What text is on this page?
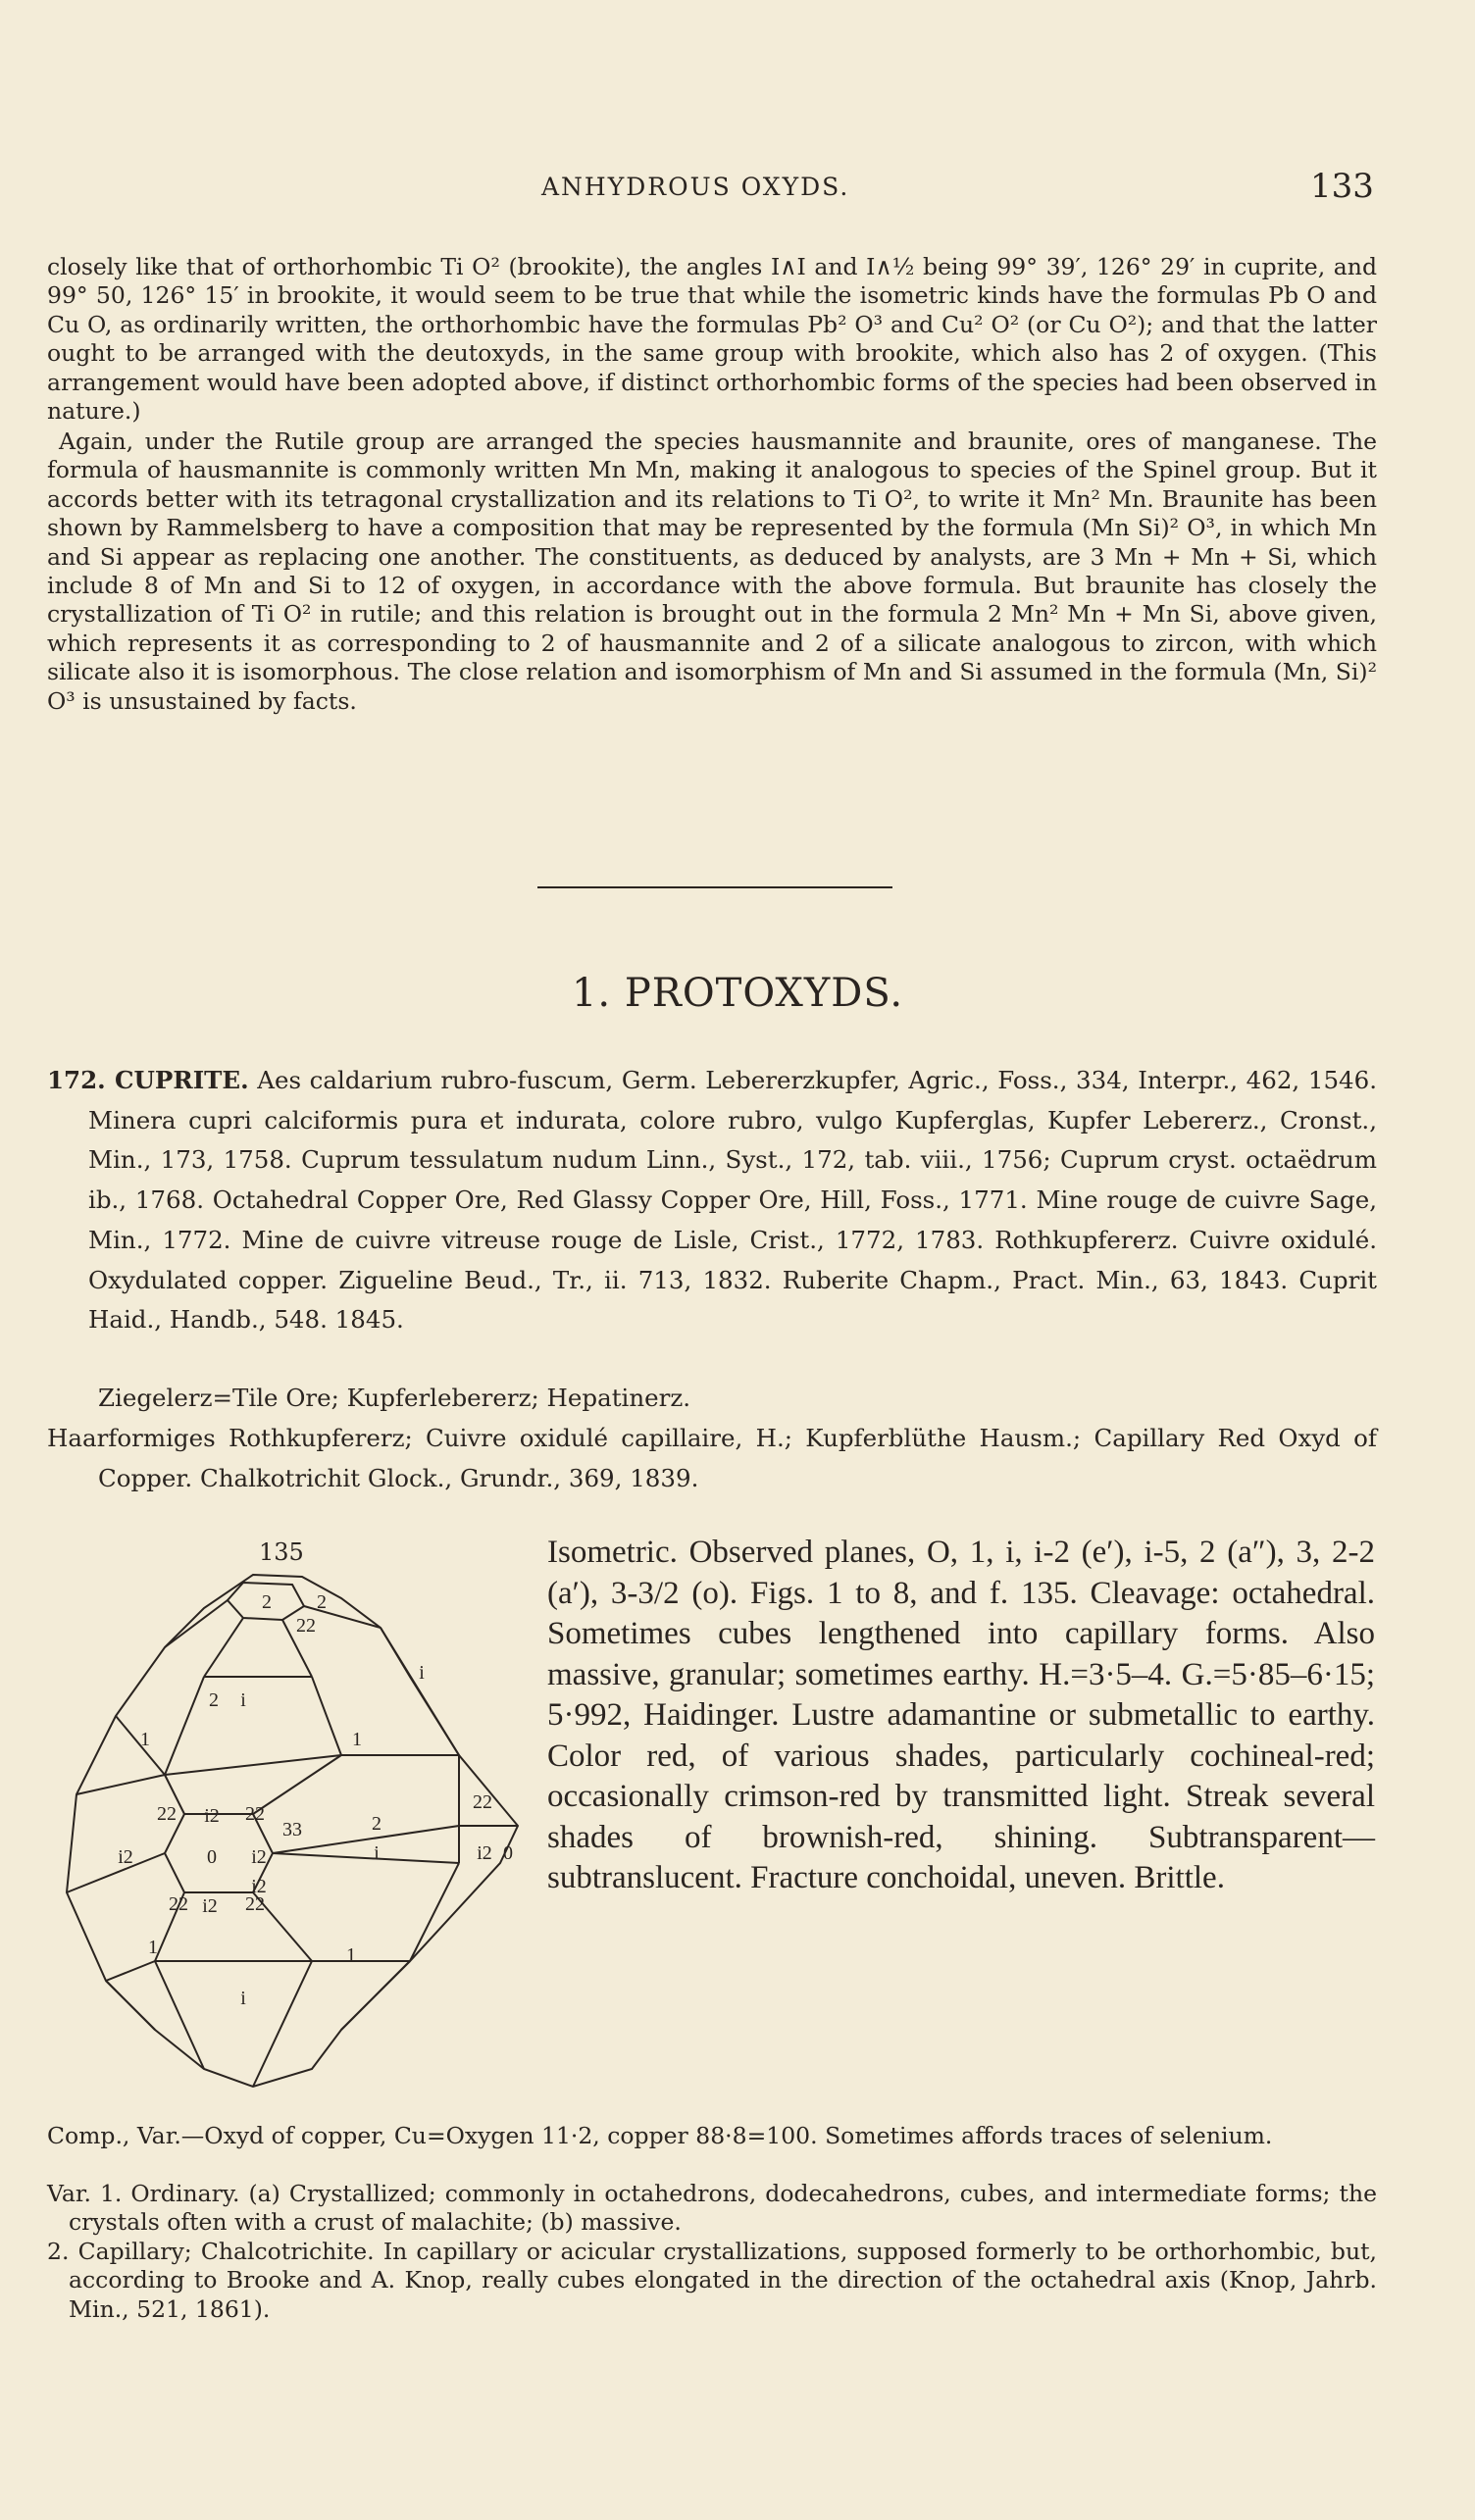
ANHYDROUS OXYDS.	133

closely like that of orthorhombic Ti O² (brookite), the angles I∧I and I∧½ being 99° 39′, 126° 29′ in cuprite, and 99° 50, 126° 15′ in brookite, it would seem to be true that while the isometric kinds have the formulas Pb O and Cu O, as ordinarily written, the orthorhombic have the formulas Pb² O³ and Cu² O² (or Cu O²); and that the latter ought to be arranged with the deutoxyds, in the same group with brookite, which also has 2 of oxygen. (This arrangement would have been adopted above, if distinct orthorhombic forms of the species had been observed in nature.)

Again, under the Rutile group are arranged the species hausmannite and braunite, ores of manganese. The formula of hausmannite is commonly written Mn Mn, making it analogous to species of the Spinel group. But it accords better with its tetragonal crystallization and its relations to Ti O², to write it Mn² Mn. Braunite has been shown by Rammelsberg to have a composition that may be represented by the formula (Mn Si)² O³, in which Mn and Si appear as replacing one another. The constituents, as deduced by analysts, are 3 Mn + Mn + Si, which include 8 of Mn and Si to 12 of oxygen, in accordance with the above formula. But braunite has closely the crystallization of Ti O² in rutile; and this relation is brought out in the formula 2 Mn² Mn + Mn Si, above given, which represents it as corresponding to 2 of hausmannite and 2 of a silicate analogous to zircon, with which silicate also it is isomorphous. The close relation and isomorphism of Mn and Si assumed in the formula (Mn, Si)² O³ is unsustained by facts.

1. PROTOXYDS.

172. CUPRITE. Aes caldarium rubro-fuscum, Germ. Lebererzkupfer, Agric., Foss., 334, Interpr., 462, 1546. Minera cupri calciformis pura et indurata, colore rubro, vulgo Kupferglas, Kupfer Lebererz., Cronst., Min., 173, 1758. Cuprum tessulatum nudum Linn., Syst., 172, tab. viii., 1756; Cuprum cryst. octaëdrum ib., 1768. Octahedral Copper Ore, Red Glassy Copper Ore, Hill, Foss., 1771. Mine rouge de cuivre Sage, Min., 1772. Mine de cuivre vitreuse rouge de Lisle, Crist., 1772, 1783. Rothkupfererz. Cuivre oxidulé. Oxydulated copper. Zigueline Beud., Tr., ii. 713, 1832. Ruberite Chapm., Pract. Min., 63, 1843. Cuprit Haid., Handb., 548. 1845.

Ziegelerz=Tile Ore; Kupferlebererz; Hepatinerz.

Haarformiges Rothkupfererz; Cuivre oxidulé capillaire, H.; Kupferblüthe Hausm.; Capillary Red Oxyd of Copper. Chalkotrichit Glock., Grundr., 369, 1839.

135
2
22
2
i
2
1	1
i
22 i2 22
33	2
i
22
i2 0
i2	i2
0
i2
22 i2 22
1	1
i

Isometric. Observed planes, O, 1, i, i-2 (e′), i-5, 2 (a″), 3, 2-2 (a′), 3-3/2 (o). Figs. 1 to 8, and f. 135. Cleavage: octahedral. Sometimes cubes lengthened into capillary forms. Also massive, granular; sometimes earthy. H.=3·5–4. G.=5·85–6·15; 5·992, Haidinger. Lustre adamantine or submetallic to earthy. Color red, of various shades, particularly cochineal-red; occasionally crimson-red by transmitted light. Streak several shades of brownish-red, shining. Subtransparent—subtranslucent. Fracture conchoidal, uneven. Brittle.

Comp., Var.—Oxyd of copper, Cu=Oxygen 11·2, copper 88·8=100. Sometimes affords traces of selenium.

Var. 1. Ordinary. (a) Crystallized; commonly in octahedrons, dodecahedrons, cubes, and intermediate forms; the crystals often with a crust of malachite; (b) massive.

2. Capillary; Chalcotrichite. In capillary or acicular crystallizations, supposed formerly to be orthorhombic, but, according to Brooke and A. Knop, really cubes elongated in the direction of the octahedral axis (Knop, Jahrb. Min., 521, 1861).
